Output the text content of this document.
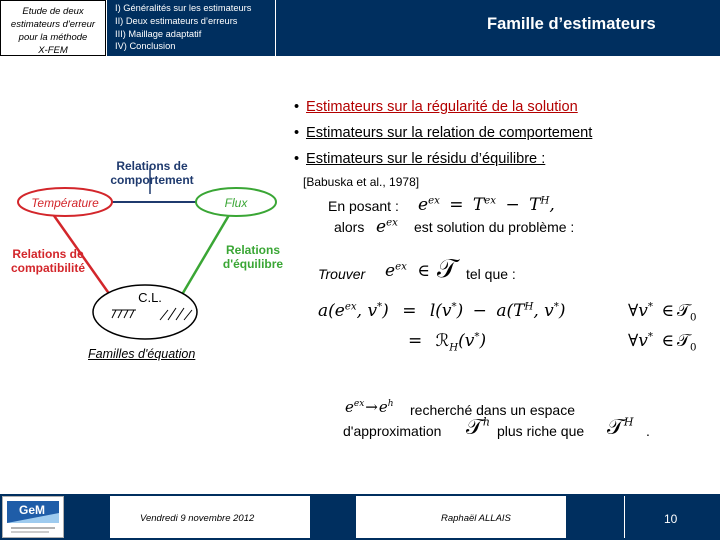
Etude de deux
estimateurs d'erreur
pour la méthode
X-FEM
I) Généralités sur les estimateurs
II) Deux estimateurs d’erreurs
III) Maillage adaptatif
IV) Conclusion
Famille d’estimateurs
• Estimateurs sur la régularité de la solution
• Estimateurs sur la relation de comportement
• Estimateurs sur le résidu d’équilibre :
[Babuska et al., 1978]
Relations de
comportement
Température	Flux
Relations de
compatibilité
Relations
d'équilibre
C.L.
Familles d'équation
En posant : $e^{ex} = T^{ex} - T^H$,
alors $e^{ex}$ est solution du problème :
Trouver $e^{ex}$ ∈ 𝒯 tel que :
$a(e^{ex}$, $v^*) = l(v^*) - a(T^H$, v*)	∀v* ∈ 𝒯$_0$
= ℛ$_H$(v*)	∀v* ∈ 𝒯$_0$
$e^{ex}\to e^h$ recherché dans un espace
d'approximation 𝒯$^h$
plus riche que 𝒯$^H$
.
GeM
Vendredi 9 novembre 2012	Raphaël ALLAIS	10
